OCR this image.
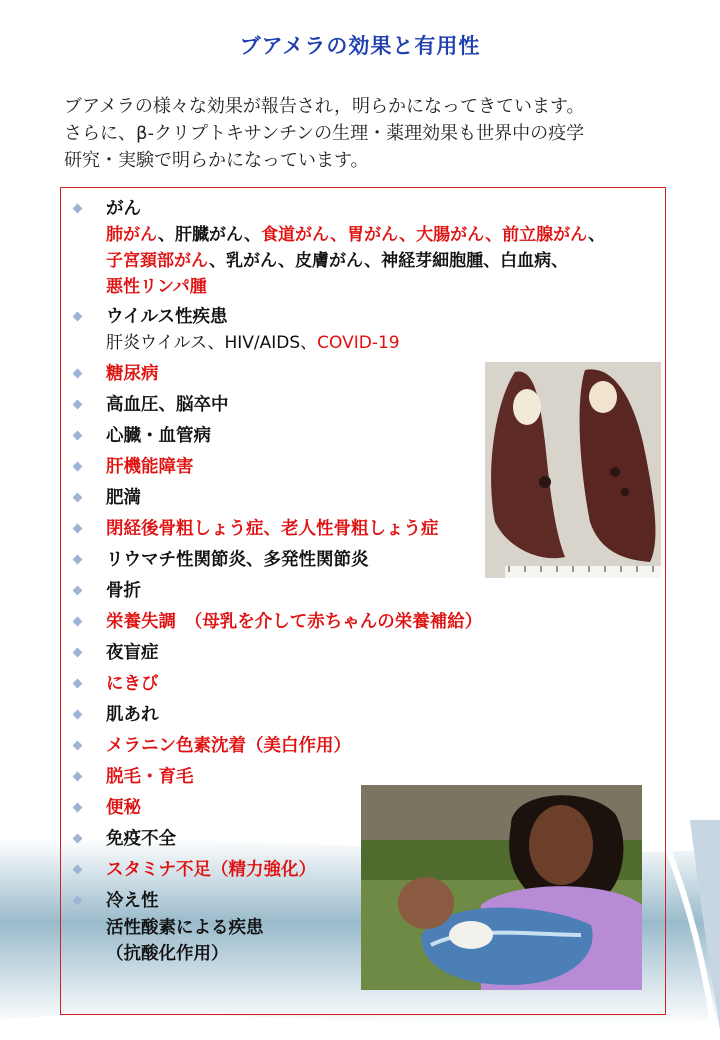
ブアメラの効果と有用性
ブアメラの様々な効果が報告され，明らかになってきています。
さらに、β‐クリプトキサンチンの生理・薬理効果も世界中の疫学
研究・実験で明らかになっています。
がん
肺がん、肝臓がん、食道がん、胃がん、大腸がん、前立腺がん、
子宮頚部がん、乳がん、皮膚がん、神経芽細胞腫、白血病、
悪性リンパ腫
ウイルス性疾患
肝炎ウイルス、HIV/AIDS、COVID‐19
糖尿病
高血圧、脳卒中
心臓・血管病
肝機能障害
肥満
閉経後骨粗しょう症、老人性骨粗しょう症
リウマチ性関節炎、多発性関節炎
骨折
栄養失調　（母乳を介して赤ちゃんの栄養補給）
夜盲症
にきび
肌あれ
メラニン色素沈着（美白作用）
脱毛・育毛
便秘
免疫不全
スタミナ不足（精力強化）
冷え性
活性酸素による疾患
（抗酸化作用）
